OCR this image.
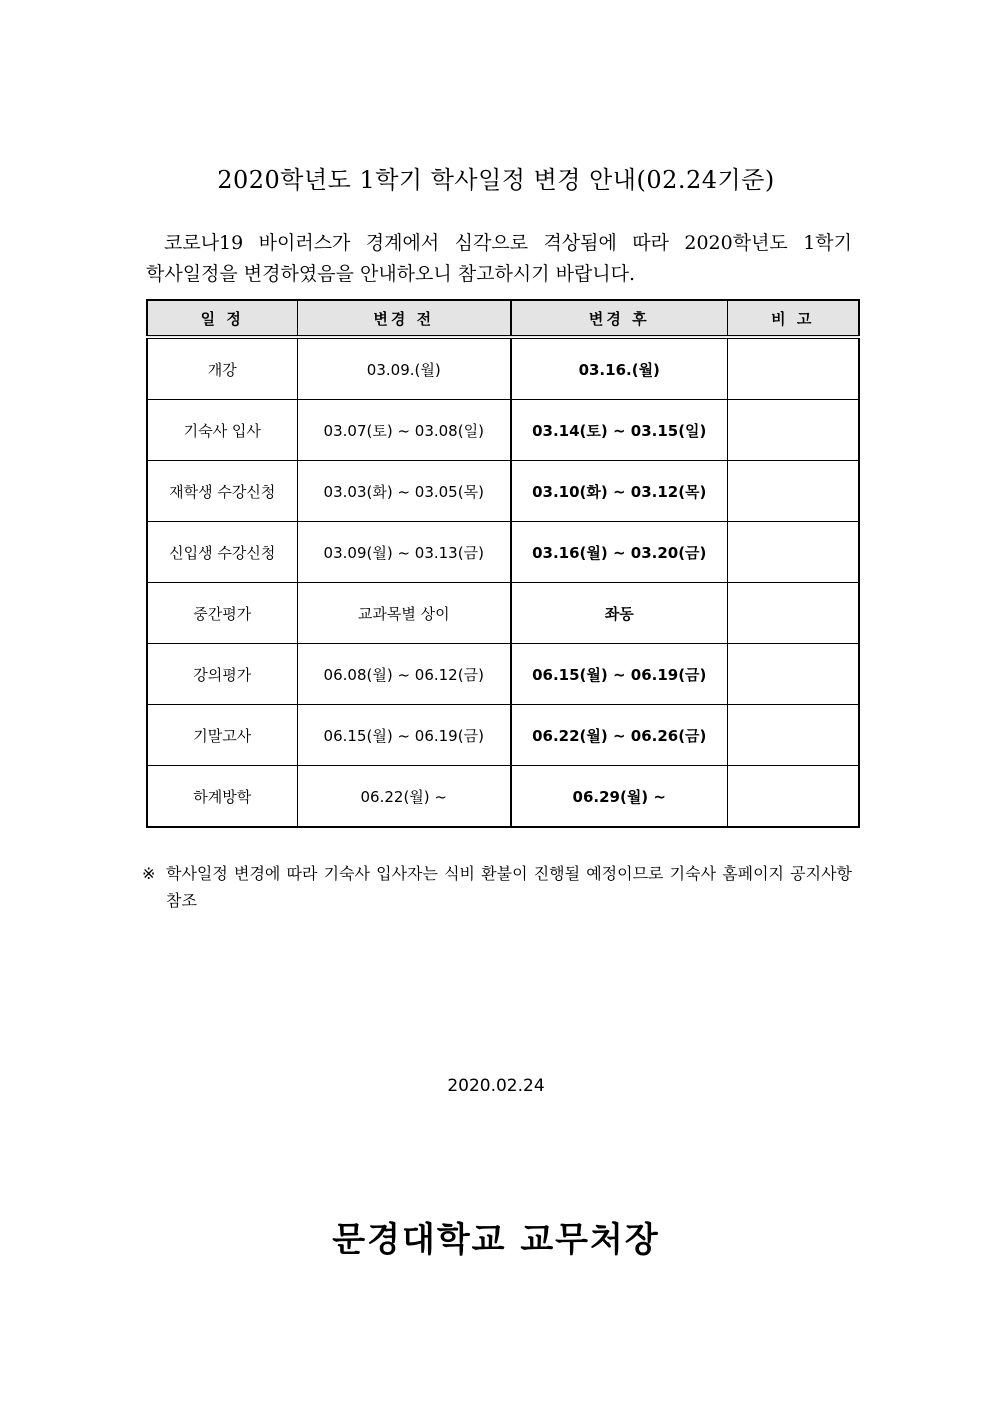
2020학년도 1학기 학사일정 변경 안내(02.24기준)

코로나19 바이러스가 경계에서 심각으로 격상됨에 따라 2020학년도 1학기

학사일정을 변경하였음을 안내하오니 참고하시기 바랍니다.

일 정	변경 전	변경 후	비 고
개강	03.09.(월)	03.16.(월)	
기숙사 입사	03.07(토) ~ 03.08(일)	03.14(토) ~ 03.15(일)	
재학생 수강신청	03.03(화) ~ 03.05(목)	03.10(화) ~ 03.12(목)	
신입생 수강신청	03.09(월) ~ 03.13(금)	03.16(월) ~ 03.20(금)	
중간평가	교과목별 상이	좌동	
강의평가	06.08(월) ~ 06.12(금)	06.15(월) ~ 06.19(금)	
기말고사	06.15(월) ~ 06.19(금)	06.22(월) ~ 06.26(금)	
하계방학	06.22(월) ~	06.29(월) ~	
※ 학사일정 변경에 따라 기숙사 입사자는 식비 환불이 진행될 예정이므로 기숙사 홈페이지 공지사항 참조
2020.02.24
문경대학교 교무처장
